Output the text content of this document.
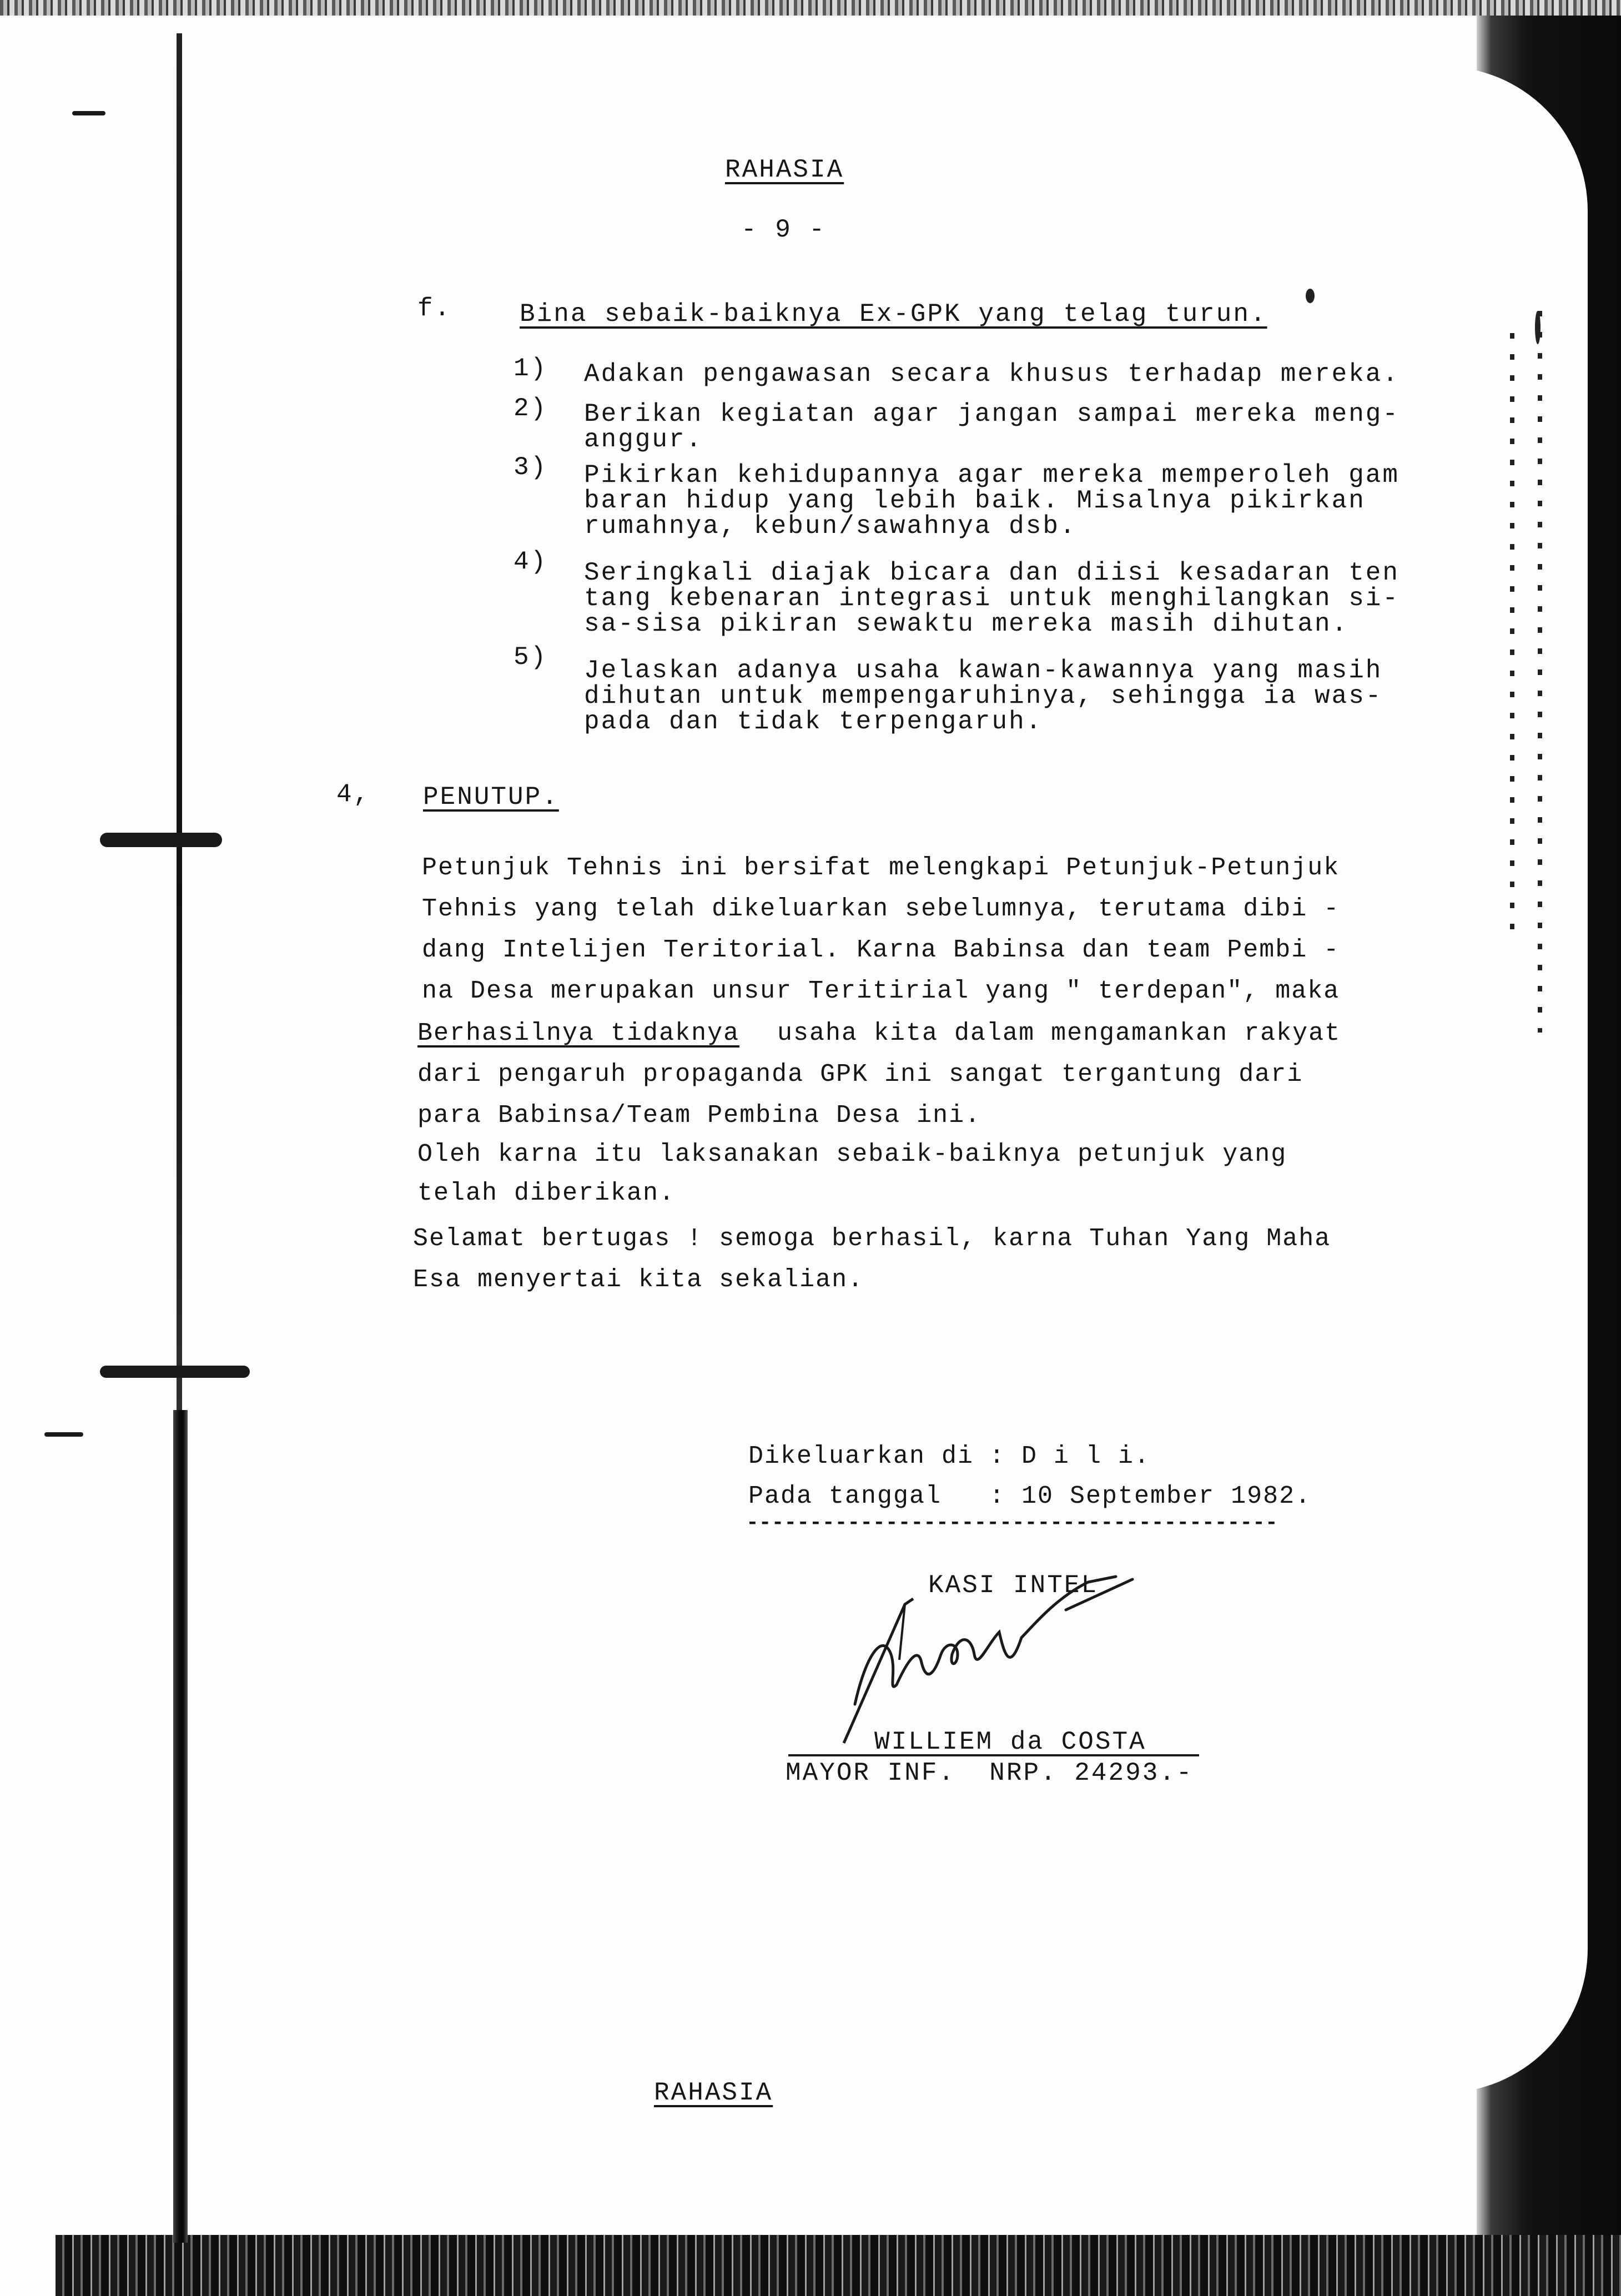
RAHASIA
- 9 -
f.	Bina sebaik-baiknya Ex-GPK yang telag turun.
1) Adakan pengawasan secara khusus terhadap mereka.
2) Berikan kegiatan agar jangan sampai mereka meng-
anggur.
3) Pikirkan kehidupannya agar mereka memperoleh gam
baran hidup yang lebih baik. Misalnya pikirkan
rumahnya, kebun/sawahnya dsb.
4) Seringkali diajak bicara dan diisi kesadaran ten
tang kebenaran integrasi untuk menghilangkan si-
sa-sisa pikiran sewaktu mereka masih dihutan.
5) Jelaskan adanya usaha kawan-kawannya yang masih
dihutan untuk mempengaruhinya, sehingga ia was-
pada dan tidak terpengaruh.
4, PENUTUP.
Petunjuk Tehnis ini bersifat melengkapi Petunjuk-Petunjuk
Tehnis yang telah dikeluarkan sebelumnya, terutama dibi -
dang Intelijen Teritorial. Karna Babinsa dan team Pembi -
na Desa merupakan unsur Teritirial yang " terdepan", maka
Berhasilnya tidaknya usaha kita dalam mengamankan rakyat
dari pengaruh propaganda GPK ini sangat tergantung dari
para Babinsa/Team Pembina Desa ini.
Oleh karna itu laksanakan sebaik-baiknya petunjuk yang
telah diberikan.
Selamat bertugas ! semoga berhasil, karna Tuhan Yang Maha
Esa menyertai kita sekalian.
Dikeluarkan di : D i l i.
Pada tanggal : 10 September 1982.
------------------------------------------
KASI INTEL
WILLIEM da COSTA
MAYOR INF.  NRP. 24293.-
RAHASIA
